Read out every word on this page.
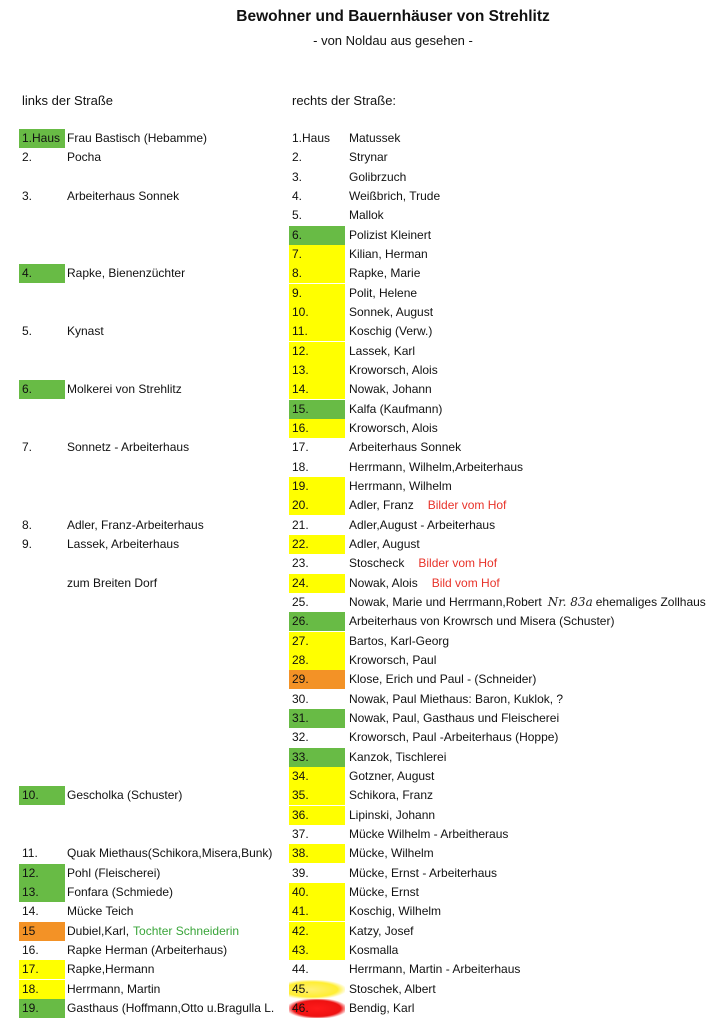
Bewohner und Bauernhäuser von Strehlitz
- von Noldau aus gesehen -
links der Straße	rechts der Straße:
1.Haus Frau Bastisch (Hebamme)
2.	Pocha
3.	Arbeiterhaus Sonnek
4.	Rapke, Bienenzüchter
5.	Kynast
6.	Molkerei von Strehlitz
7.	Sonnetz - Arbeiterhaus
8.	Adler, Franz-Arbeiterhaus
9.	Lassek, Arbeiterhaus
zum Breiten Dorf
10.	Gescholka (Schuster)
11.	Quak Miethaus(Schikora,Misera,Bunk)
12.	Pohl (Fleischerei)
13.	Fonfara (Schmiede)
14.	Mücke Teich
15	Dubiel,Karl, Tochter Schneiderin
16.	Rapke Herman (Arbeiterhaus)
17.	Rapke,Hermann
18.	Herrmann, Martin
19.	Gasthaus (Hoffmann,Otto u.Bragulla L.
1.Haus	Matussek
2.	Strynar
3.	Golibrzuch
4.	Weißbrich, Trude
5.	Mallok
6.	Polizist Kleinert
7.	Kilian, Herman
8.	Rapke, Marie
9.	Polit, Helene
10.	Sonnek, August
11.	Koschig (Verw.)
12.	Lassek, Karl
13.	Kroworsch, Alois
14.	Nowak, Johann
15.	Kalfa (Kaufmann)
16.	Kroworsch, Alois
17.	Arbeiterhaus Sonnek
18.	Herrmann, Wilhelm,Arbeiterhaus
19.	Herrmann, Wilhelm
20.	Adler, Franz Bilder vom Hof
21.	Adler,August - Arbeiterhaus
22.	Adler, August
23.	Stoscheck Bilder vom Hof
24.	Nowak, Alois Bild vom Hof
25.	Nowak, Marie und Herrmann,Robert Nr. 83a ehemaliges Zollhaus
26.	Arbeiterhaus von Krowrsch und Misera (Schuster)
27.	Bartos, Karl-Georg
28.	Kroworsch, Paul
29.	Klose, Erich und Paul - (Schneider)
30.	Nowak, Paul Miethaus: Baron, Kuklok, ?
31.	Nowak, Paul, Gasthaus und Fleischerei
32.	Kroworsch, Paul -Arbeiterhaus (Hoppe)
33.	Kanzok, Tischlerei
34.	Gotzner, August
35.	Schikora, Franz
36.	Lipinski, Johann
37.	Mücke Wilhelm - Arbeitheraus
38.	Mücke, Wilhelm
39.	Mücke, Ernst - Arbeiterhaus
40.	Mücke, Ernst
41.	Koschig, Wilhelm
42.	Katzy, Josef
43.	Kosmalla
44.	Herrmann, Martin - Arbeiterhaus
45.	Stoschek, Albert
46.	Bendig, Karl
